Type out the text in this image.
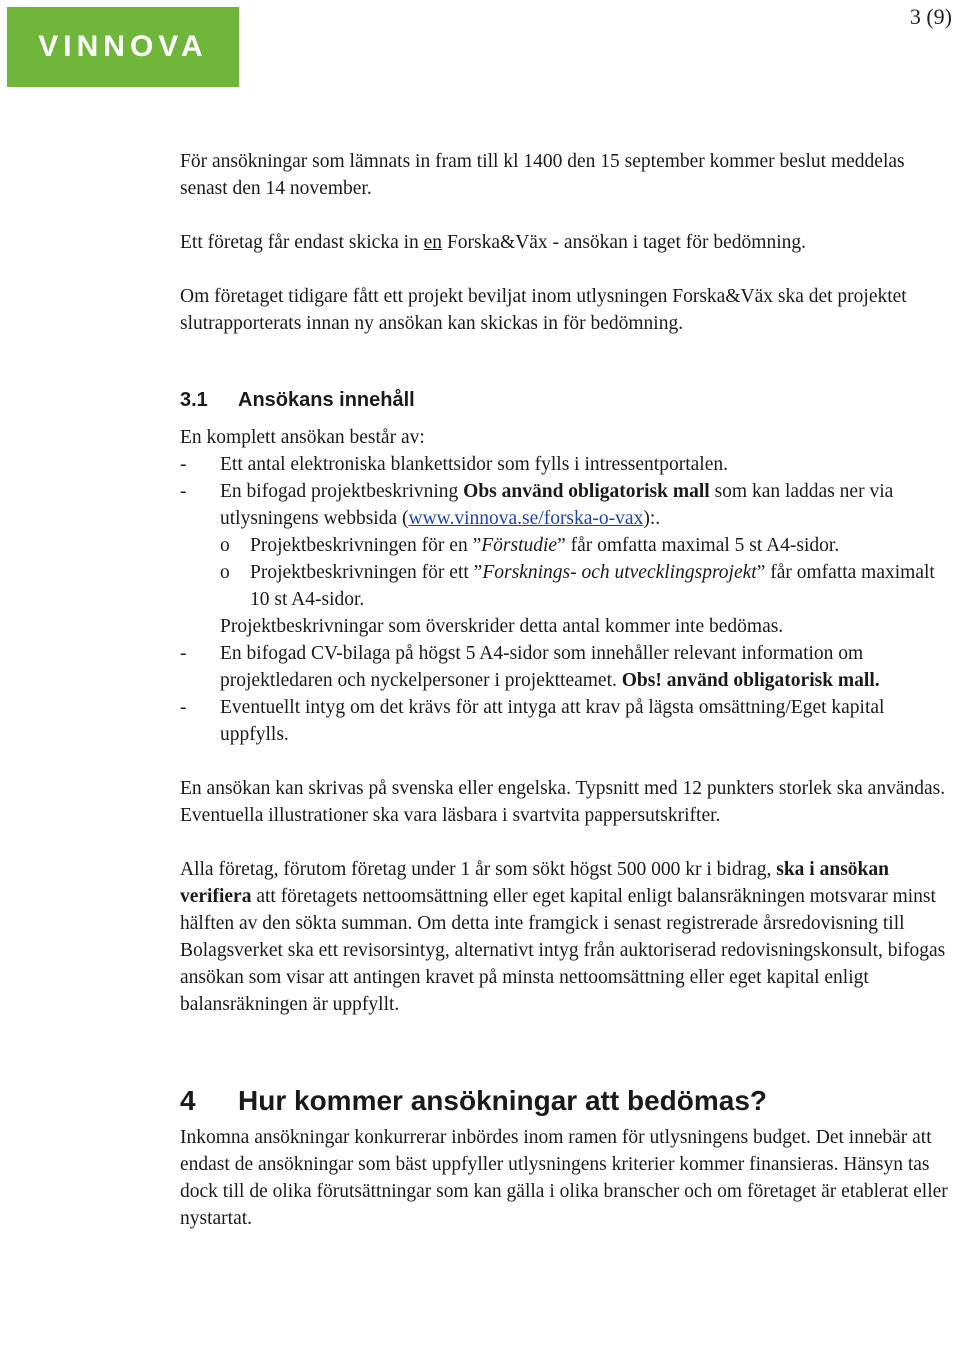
VINNOVA
3 (9)

För ansökningar som lämnats in fram till kl 1400 den 15 september kommer beslut meddelas senast den 14 november.

Ett företag får endast skicka in en Forska&Väx - ansökan i taget för bedömning.

Om företaget tidigare fått ett projekt beviljat inom utlysningen Forska&Väx ska det projektet slutrapporterats innan ny ansökan kan skickas in för bedömning.

3.1	Ansökans innehåll

En komplett ansökan består av:

- Ett antal elektroniska blankettsidor som fylls i intressentportalen.
- En bifogad projektbeskrivning Obs använd obligatorisk mall som kan laddas ner via utlysningens webbsida (www.vinnova.se/forska-o-vax):.
o Projektbeskrivningen för en ”Förstudie” får omfatta maximal 5 st A4-sidor.
o Projektbeskrivningen för ett ”Forsknings- och utvecklingsprojekt” får omfatta maximalt 10 st A4-sidor.
Projektbeskrivningar som överskrider detta antal kommer inte bedömas.
- En bifogad CV-bilaga på högst 5 A4-sidor som innehåller relevant information om projektledaren och nyckelpersoner i projektteamet. Obs! använd obligatorisk mall.
- Eventuellt intyg om det krävs för att intyga att krav på lägsta omsättning/Eget kapital uppfylls.

En ansökan kan skrivas på svenska eller engelska. Typsnitt med 12 punkters storlek ska användas. Eventuella illustrationer ska vara läsbara i svartvita pappersutskrifter.

Alla företag, förutom företag under 1 år som sökt högst 500 000 kr i bidrag, ska i ansökan verifiera att företagets nettoomsättning eller eget kapital enligt balansräkningen motsvarar minst hälften av den sökta summan. Om detta inte framgick i senast registrerade årsredovisning till Bolagsverket ska ett revisorsintyg, alternativt intyg från auktoriserad redovisningskonsult, bifogas ansökan som visar att antingen kravet på minsta nettoomsättning eller eget kapital enligt balansräkningen är uppfyllt.

4	Hur kommer ansökningar att bedömas?

Inkomna ansökningar konkurrerar inbördes inom ramen för utlysningens budget. Det innebär att endast de ansökningar som bäst uppfyller utlysningens kriterier kommer finansieras. Hänsyn tas dock till de olika förutsättningar som kan gälla i olika branscher och om företaget är etablerat eller nystartat.
